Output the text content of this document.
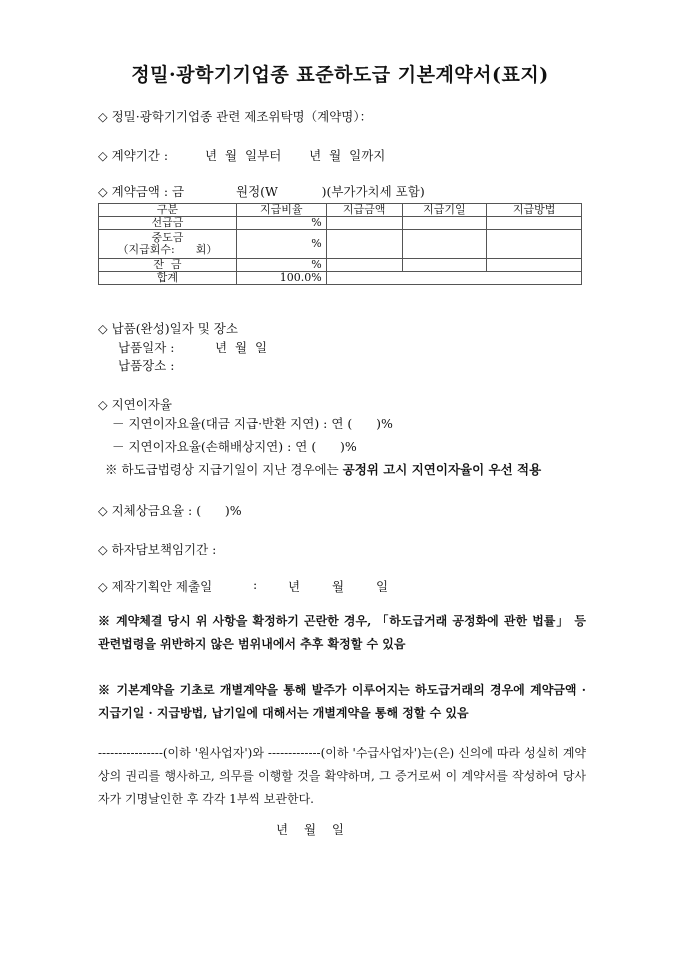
정밀·광학기기업종 표준하도급 기본계약서(표지)
◇ 정밀·광학기기업종 관련 제조위탁명（계약명）：
◇ 계약기간 :	년  월  일부터       년  월  일까지
◇ 계약금액 : 금	원정(W           )(부가가치세 포함)
구분	지급비율	지급금액	지급기일	지급방법
선급금	%			

중도금
（지급회수:      회）	%			
잔  금	%			
합계	100.0%			
◇ 납품(완성)일자 및 장소
납품일자 :	년  월  일
납품장소 :
◇ 지연이자율
－ 지연이자요율(대금 지급·반환 지연) : 연 (      )%
－ 지연이자요율(손해배상지연) : 연 (      )%
※ 하도급법령상 지급기일이 지난 경우에는 공정위 고시 지연이자율이 우선 적용
◇ 지체상금요율 : (      )%
◇ 하자담보책임기간 :
◇ 제작기획안 제출일	: 년  월  일
※ 계약체결 당시 위 사항을 확정하기 곤란한 경우, 「하도급거래 공정화에 관한 법률」 등 관련법령을 위반하지 않은 범위내에서 추후 확정할 수 있음
※ 기본계약을 기초로 개별계약을 통해 발주가 이루어지는 하도급거래의 경우에 계약금액 · 지급기일 · 지급방법, 납기일에 대해서는 개별계약을 통해 정할 수 있음
----------------(이하 '원사업자')와 -------------(이하 '수급사업자')는(은) 신의에 따라 성실히 계약상의 권리를 행사하고, 의무를 이행할 것을 확약하며, 그 증거로써 이 계약서를 작성하여 당사자가 기명날인한 후 각각 1부씩 보관한다.
년    월    일
